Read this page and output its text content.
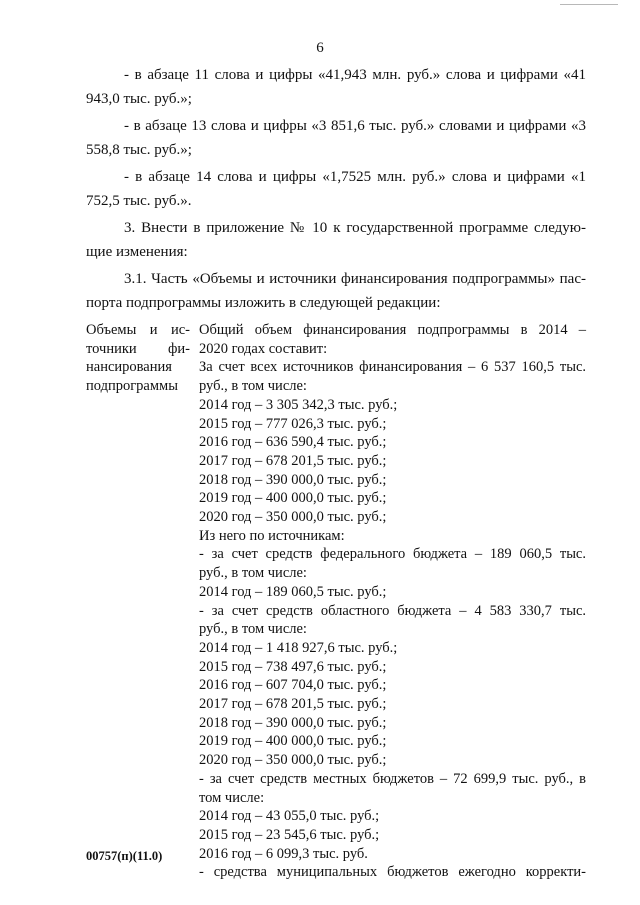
6

- в абзаце 11 слова и цифры «41,943 млн. руб.» слова и цифрами «41 943,0 тыс. руб.»;

- в абзаце 13 слова и цифры «3 851,6 тыс. руб.» словами и цифрами «3 558,8 тыс. руб.»;

- в абзаце 14 слова и цифры «1,7525 млн. руб.» слова и цифрами «1 752,5 тыс. руб.».

3. Внести в приложение № 10 к государственной программе следую-щие изменения:

3.1. Часть «Объемы и источники финансирования подпрограммы» пас-порта подпрограммы изложить в следующей редакции:

Объемы и ис-точники фи-нансирования подпрограммы
Общий объем финансирования подпрограммы в 2014 –
2020 годах составит:
За счет всех источников финансирования – 6 537 160,5 тыс.
руб., в том числе:
2014 год – 3 305 342,3 тыс. руб.;
2015 год – 777 026,3 тыс. руб.;
2016 год – 636 590,4 тыс. руб.;
2017 год – 678 201,5 тыс. руб.;
2018 год – 390 000,0 тыс. руб.;
2019 год – 400 000,0 тыс. руб.;
2020 год – 350 000,0 тыс. руб.;
Из него по источникам:
- за счет средств федерального бюджета – 189 060,5 тыс.
руб., в том числе:
2014 год – 189 060,5 тыс. руб.;
- за счет средств областного бюджета – 4 583 330,7 тыс.
руб., в том числе:
2014 год – 1 418 927,6 тыс. руб.;
2015 год – 738 497,6 тыс. руб.;
2016 год – 607 704,0 тыс. руб.;
2017 год – 678 201,5 тыс. руб.;
2018 год – 390 000,0 тыс. руб.;
2019 год – 400 000,0 тыс. руб.;
2020 год – 350 000,0 тыс. руб.;
- за счет средств местных бюджетов – 72 699,9 тыс. руб., в
том числе:
2014 год – 43 055,0 тыс. руб.;
2015 год – 23 545,6 тыс. руб.;
2016 год – 6 099,3 тыс. руб.
- средства муниципальных бюджетов ежегодно корректи-
00757(п)(11.0)
